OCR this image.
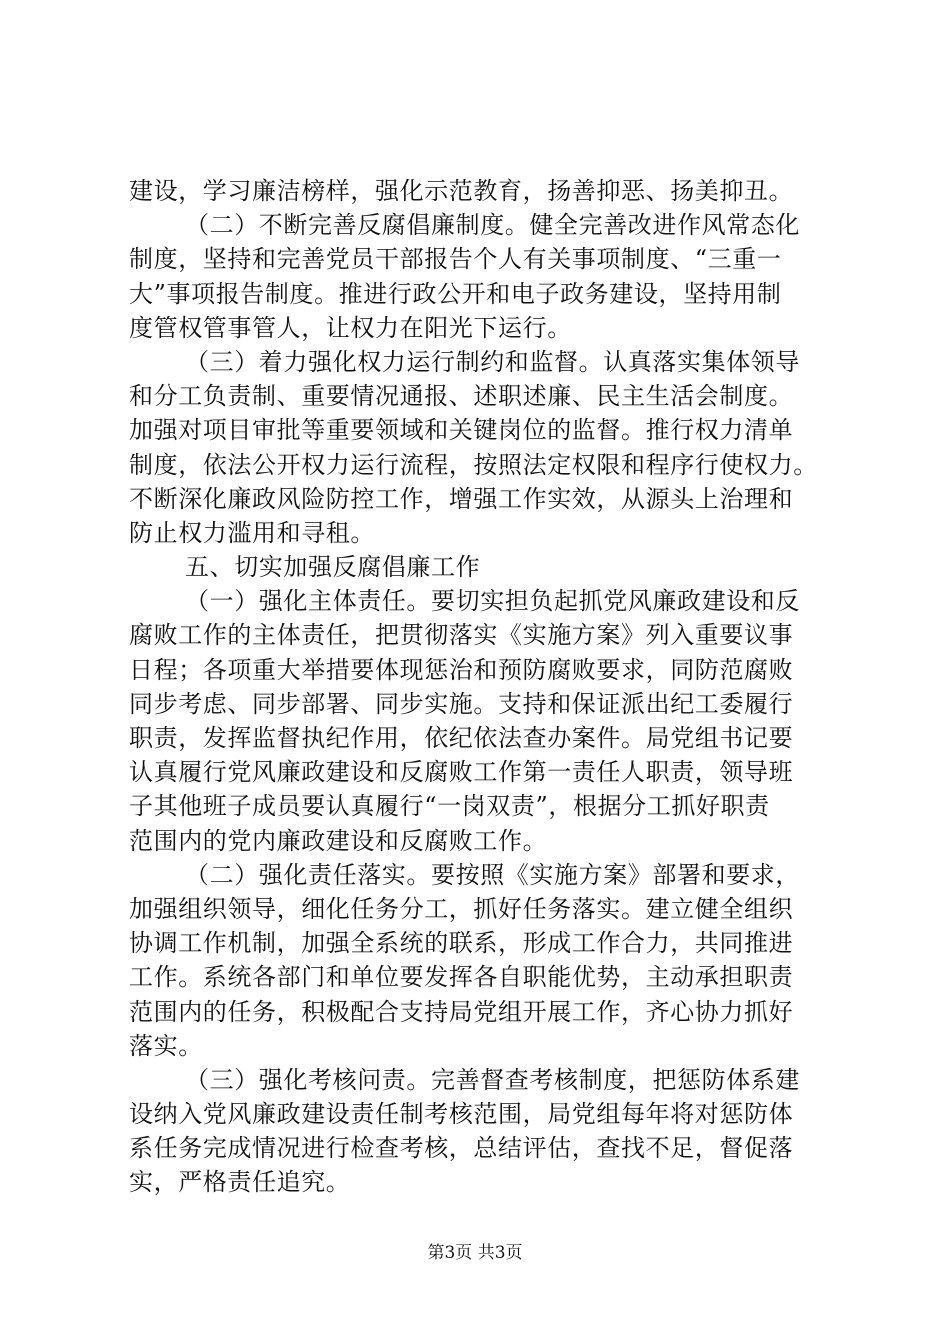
建设，学习廉洁榜样，强化示范教育，扬善抑恶、扬美抑丑。
（二）不断完善反腐倡廉制度。健全完善改进作风常态化
制度，坚持和完善党员干部报告个人有关事项制度、“三重一
大”事项报告制度。推进行政公开和电子政务建设，坚持用制
度管权管事管人，让权力在阳光下运行。
（三）着力强化权力运行制约和监督。认真落实集体领导
和分工负责制、重要情况通报、述职述廉、民主生活会制度。
加强对项目审批等重要领域和关键岗位的监督。推行权力清单
制度，依法公开权力运行流程，按照法定权限和程序行使权力。
不断深化廉政风险防控工作，增强工作实效，从源头上治理和
防止权力滥用和寻租。
五、切实加强反腐倡廉工作
（一）强化主体责任。要切实担负起抓党风廉政建设和反
腐败工作的主体责任，把贯彻落实《实施方案》列入重要议事
日程；各项重大举措要体现惩治和预防腐败要求，同防范腐败
同步考虑、同步部署、同步实施。支持和保证派出纪工委履行
职责，发挥监督执纪作用，依纪依法查办案件。局党组书记要
认真履行党风廉政建设和反腐败工作第一责任人职责，领导班
子其他班子成员要认真履行“一岗双责”，根据分工抓好职责
范围内的党内廉政建设和反腐败工作。
（二）强化责任落实。要按照《实施方案》部署和要求，
加强组织领导，细化任务分工，抓好任务落实。建立健全组织
协调工作机制，加强全系统的联系，形成工作合力，共同推进
工作。系统各部门和单位要发挥各自职能优势，主动承担职责
范围内的任务，积极配合支持局党组开展工作，齐心协力抓好
落实。
（三）强化考核问责。完善督查考核制度，把惩防体系建
设纳入党风廉政建设责任制考核范围，局党组每年将对惩防体
系任务完成情况进行检查考核，总结评估，查找不足，督促落
实，严格责任追究。
第3页 共3页
